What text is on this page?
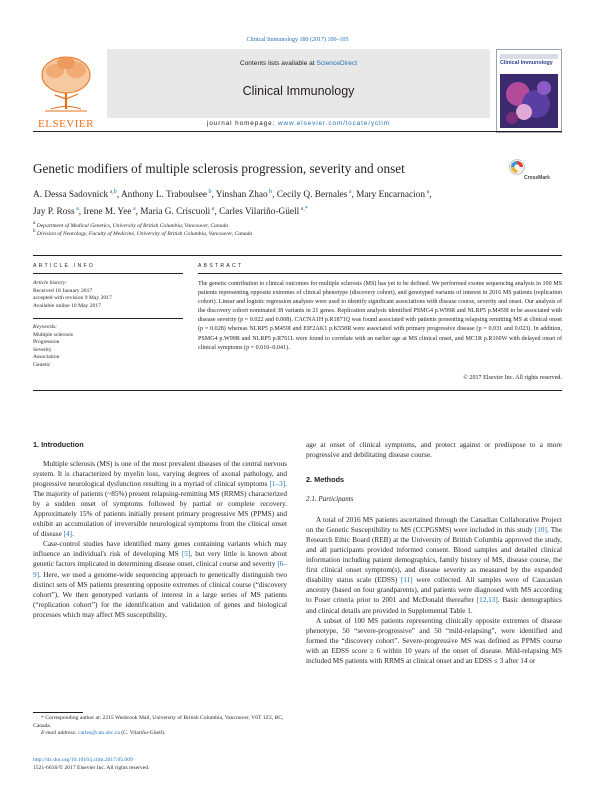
Clinical Immunology 180 (2017) 100–105
ELSEVIER
Contents lists available at ScienceDirect
Clinical Immunology
journal homepage: www.elsevier.com/locate/yclim
Clinical Immunology
Genetic modifiers of multiple sclerosis progression, severity and onset
CrossMark
A. Dessa Sadovnick $^{a,b}$, Anthony L. Traboulsee $^b$, Yinshan Zhao $^b$, Cecily Q. Bernales $^a$, Mary Encarnacion $^a$,
Jay P. Ross $^a$, Irene M. Yee $^a$, Maria G. Criscuoli $^a$, Carles Vilariño-Güell $^{a,*}$
a Department of Medical Genetics, University of British Columbia, Vancouver, Canada
b Division of Neurology, Faculty of Medicine, University of British Columbia, Vancouver, Canada
ARTICLE INFO	ABSTRACT
Article history:
Received 18 January 2017
accepted with revision 9 May 2017
Available online 10 May 2017
Keywords:
Multiple sclerosis
Progression
Severity
Association
Genetic
The genetic contribution to clinical outcomes for multiple sclerosis (MS) has yet to be defined. We performed exome sequencing analysis in 100 MS patients representing opposite extremes of clinical phenotype (discovery cohort), and genotyped variants of interest in 2016 MS patients (replication cohort). Linear and logistic regression analyses were used to identify significant associations with disease course, severity and onset. Our analysis of the discovery cohort nominated 38 variants in 21 genes. Replication analysis identified PSMG4 p.W99R and NLRP5 p.M459I to be associated with disease severity (p = 0.022 and 0.008). CACNA1H p.R1871Q was found associated with patients presenting relapsing remitting MS at clinical onset (p = 0.028) whereas NLRP5 p.M459I and EIF2AK1 p.K558R were associated with primary progressive disease (p = 0.031 and 0.023). In addition, PSMG4 p.W99R and NLRP5 p.R761L were found to correlate with an earlier age at MS clinical onset, and MC1R p.R160W with delayed onset of clinical symptoms (p = 0.010–0.041).
© 2017 Elsevier Inc. All rights reserved.
1. Introduction

Multiple sclerosis (MS) is one of the most prevalent diseases of the central nervous system. It is characterized by myelin loss, varying degrees of axonal pathology, and progressive neurological dysfunction resulting in a myriad of clinical symptoms [1–3]. The majority of patients (~85%) present relapsing-remitting MS (RRMS) characterized by a sudden onset of symptoms followed by partial or complete recovery. Approximately 15% of patients initially present primary progressive MS (PPMS) and exhibit an accumulation of irreversible neurological symptoms from the clinical onset of disease [4].

Case-control studies have identified many genes containing variants which may influence an individual's risk of developing MS [5], but very little is known about genetic factors implicated in determining disease onset, clinical course and severity [6–9]. Here, we used a genome-wide sequencing approach to genetically distinguish two distinct sets of MS patients presenting opposite extremes of clinical course (“discovery cohort”). We then genotyped variants of interest in a large series of MS patients (“replication cohort”) for the identification and validation of genes and biological processes which may affect MS susceptibility,

* Corresponding author at: 2215 Wesbrook Mall, University of British Columbia, Vancouver, V6T 1Z3, BC, Canada.
E-mail address: carles@can.ubc.ca (C. Vilariño-Güell).
http://dx.doi.org/10.1016/j.clim.2017.05.009
1521-6616/© 2017 Elsevier Inc. All rights reserved.

age at onset of clinical symptoms, and protect against or predispose to a more progressive and debilitating disease course.

2. Methods
2.1. Participants

A total of 2016 MS patients ascertained through the Canadian Collaborative Project on the Genetic Susceptibility to MS (CCPGSMS) were included in this study [10]. The Research Ethic Board (REB) at the University of British Columbia approved the study, and all participants provided informed consent. Blood samples and detailed clinical information including patient demographics, family history of MS, disease course, the first clinical onset symptom(s), and disease severity as measured by the expanded disability status scale (EDSS) [11] were collected. All samples were of Caucasian ancestry (based on four grandparents), and patients were diagnosed with MS according to Poser criteria prior to 2001 and McDonald thereafter [12,13]. Basic demographics and clinical details are provided in Supplemental Table 1.

A subset of 100 MS patients representing clinically opposite extremes of disease phenotype, 50 “severe-progressive” and 50 “mild-relapsing”, were identified and formed the “discovery cohort”. Severe-progressive MS was defined as PPMS course with an EDSS score ≥ 6 within 10 years of the onset of disease. Mild-relapsing MS included MS patients with RRMS at clinical onset and an EDSS ≤ 3 after 14 or
